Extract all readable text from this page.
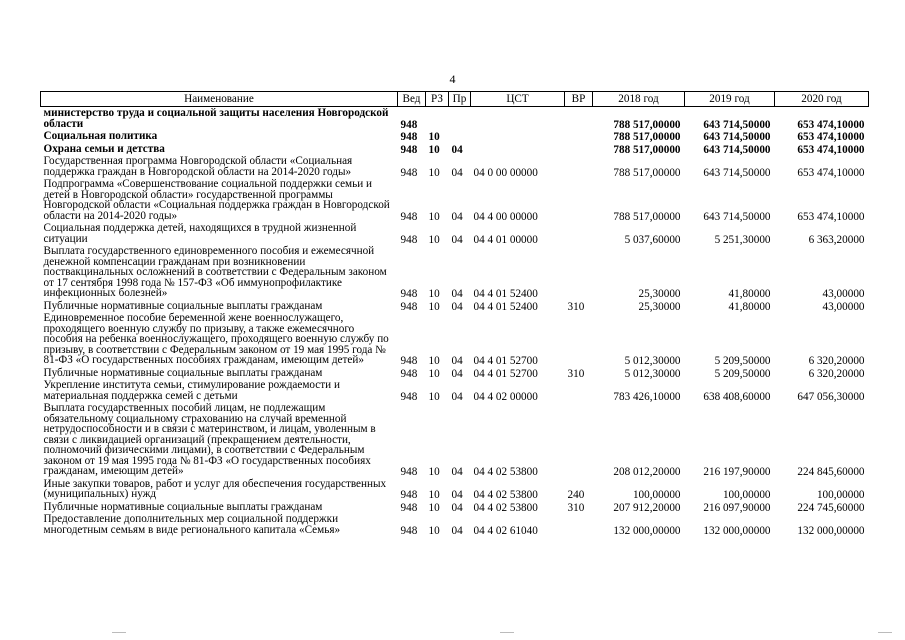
4
Наименование	Вед	РЗ	Пр	ЦСТ	ВР	2018 год	2019 год	2020 год
министерство труда и социальной защиты населения Новгородской области	948					788 517,00000	643 714,50000	653 474,10000
Социальная политика	948	10				788 517,00000	643 714,50000	653 474,10000
Охрана семьи и детства	948	10	04			788 517,00000	643 714,50000	653 474,10000
Государственная программа Новгородской области «Социальная поддержка граждан в Новгородской области на 2014-2020 годы»	948	10	04	04 0 00 00000		788 517,00000	643 714,50000	653 474,10000
Подпрограмма «Совершенствование социальной поддержки семьи и детей в Новгородской области» государственной программы Новгородской области «Социальная поддержка граждан в Новгородской области на 2014-2020 годы»	948	10	04	04 4 00 00000		788 517,00000	643 714,50000	653 474,10000
Социальная поддержка детей, находящихся в трудной жизненной ситуации	948	10	04	04 4 01 00000		5 037,60000	5 251,30000	6 363,20000
Выплата государственного единовременного пособия и ежемесячной денежной компенсации гражданам при возникновении поствакцинальных осложнений в соответствии с Федеральным законом от 17 сентября 1998 года № 157-ФЗ «Об иммунопрофилактике инфекционных болезней»	948	10	04	04 4 01 52400		25,30000	41,80000	43,00000
Публичные нормативные социальные выплаты гражданам	948	10	04	04 4 01 52400	310	25,30000	41,80000	43,00000
Единовременное пособие беременной жене военнослужащего, проходящего военную службу по призыву, а также ежемесячного пособия на ребенка военнослужащего, проходящего военную службу по призыву, в соответствии с Федеральным законом от 19 мая 1995 года № 81-ФЗ «О государственных пособиях гражданам, имеющим детей»	948	10	04	04 4 01 52700		5 012,30000	5 209,50000	6 320,20000
Публичные нормативные социальные выплаты гражданам	948	10	04	04 4 01 52700	310	5 012,30000	5 209,50000	6 320,20000
Укрепление института семьи, стимулирование рождаемости и материальная поддержка семей с детьми	948	10	04	04 4 02 00000		783 426,10000	638 408,60000	647 056,30000
Выплата государственных пособий лицам, не подлежащим обязательному социальному страхованию на случай временной нетрудоспособности и в связи с материнством, и лицам, уволенным в связи с ликвидацией организаций (прекращением деятельности, полномочий физическими лицами), в соответствии с Федеральным законом от 19 мая 1995 года № 81-ФЗ «О государственных пособиях гражданам, имеющим детей»	948	10	04	04 4 02 53800		208 012,20000	216 197,90000	224 845,60000
Иные закупки товаров, работ и услуг для обеспечения государственных (муниципальных) нужд	948	10	04	04 4 02 53800	240	100,00000	100,00000	100,00000
Публичные нормативные социальные выплаты гражданам	948	10	04	04 4 02 53800	310	207 912,20000	216 097,90000	224 745,60000
Предоставление дополнительных мер социальной поддержки многодетным семьям в виде регионального капитала «Семья»	948	10	04	04 4 02 61040		132 000,00000	132 000,00000	132 000,00000
